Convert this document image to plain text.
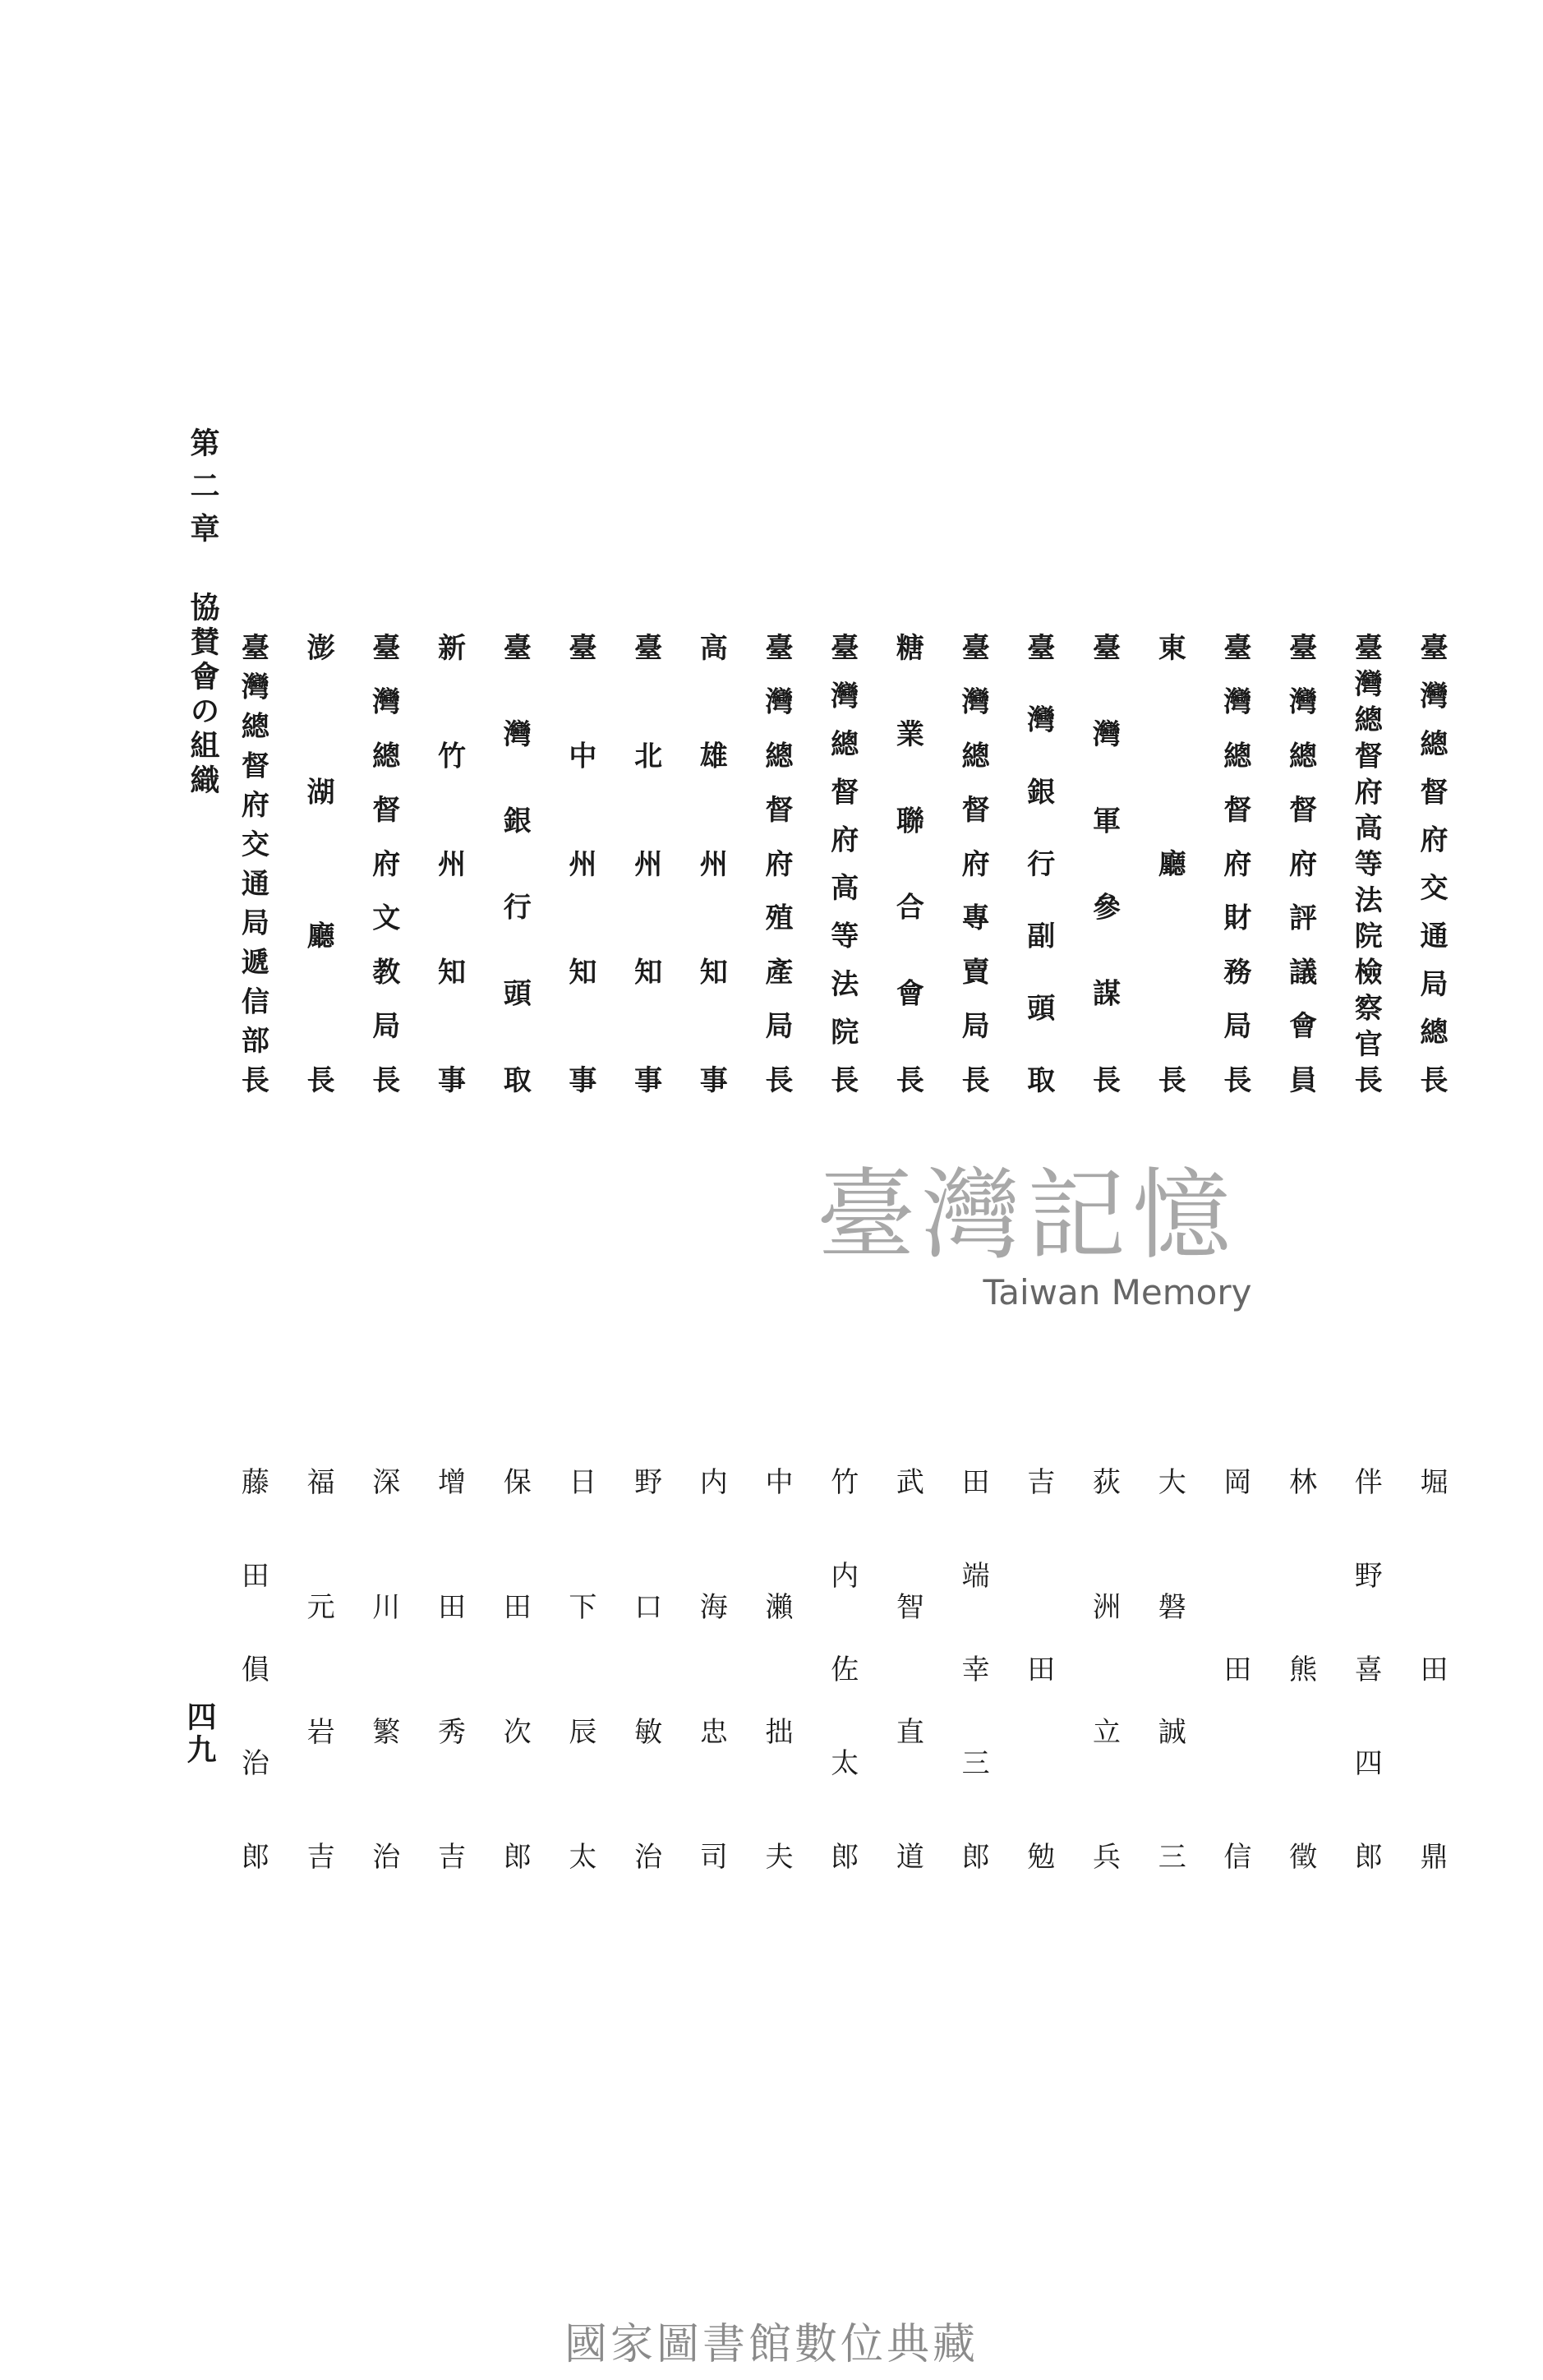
第二章
協賛會の組織
四九
臺灣總督府交通局總長
堀　田　鼎
臺灣總督府高等法院檢察官長
伴野喜四郎
臺灣總督府評議會員
林　熊　徵
臺灣總督府財務局長
岡　田　信
東　廳　長
大磐誠三
臺灣軍參謀長
荻洲立兵
臺灣銀行副頭取
吉　田　勉
臺灣總督府專賣局長
田端幸三郎
糖業聯合會長
武智直道
臺灣總督府高等法院長
竹内佐太郎
臺灣總督府殖產局長
中瀨拙夫
高雄州知事
内海忠司
臺北州知事
野口敏治
臺中州知事
日下辰太
臺灣銀行頭取
保田次郎
新竹州知事
增田秀吉
臺灣總督府文教局長
深川繁治
澎湖廳長
福元岩吉
臺灣總督府交通局遞信部長
藤田傊治郎
臺灣記憶
Taiwan Memory
國家圖書館數位典藏
